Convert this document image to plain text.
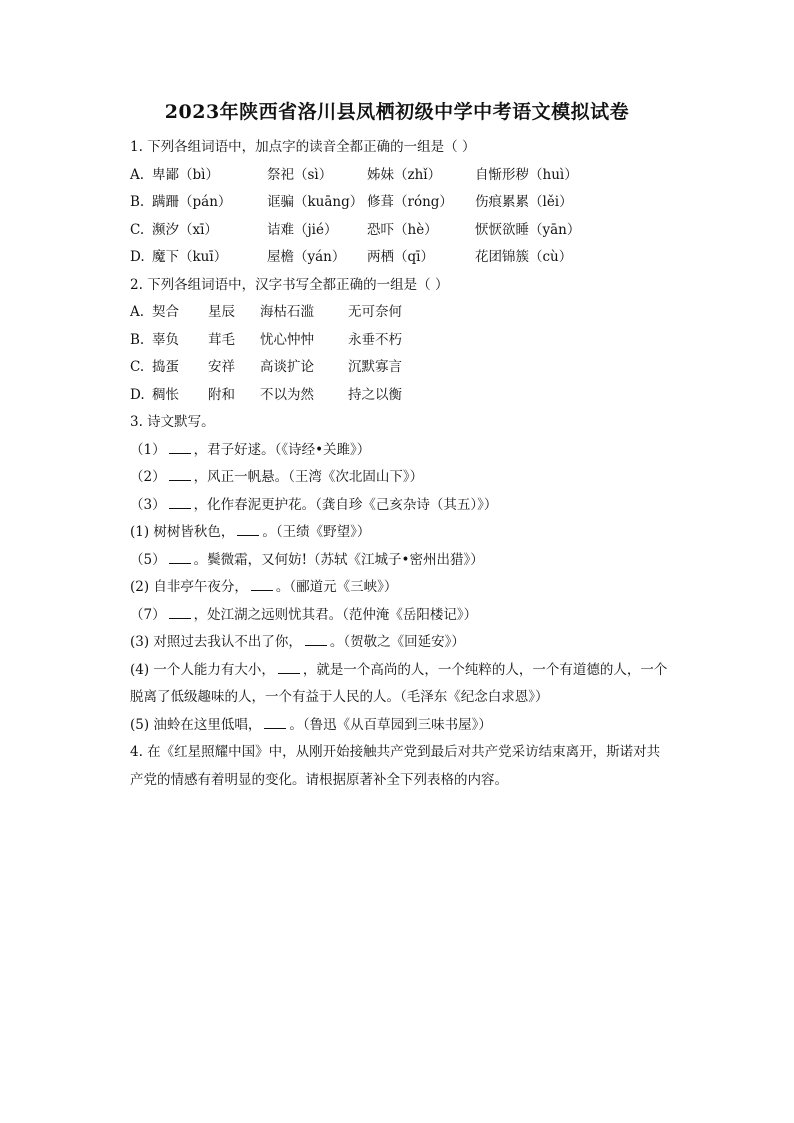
2023年陕西省洛川县凤栖初级中学中考语文模拟试卷
1. 下列各组词语中，加点字的读音全都正确的一组是（ ）
A. 卑鄙（bì）	祭祀（sì）	姊妹（zhǐ）	自惭形秽（huì）
B. 蹒跚（pán）	诓骗（kuāng） 修葺（róng）	伤痕累累（lěi）
C. 濒汐（xī）	诘难（jié）	恐吓（hè）	恹恹欲睡（yān）
D. 魔下（kuī）	屋檐（yán）	两栖（qī）	花团锦簇（cù）
2. 下列各组词语中，汉字书写全都正确的一组是（ ）
A. 契合	星辰	海枯石滥	无可奈何
B. 辜负	茸毛	忧心忡忡	永垂不朽
C. 捣蛋	安祥	高谈扩论	沉默寡言
D. 稠怅	附和	不以为然	持之以衡
3. 诗文默写。
（1） ，君子好逑。（《诗经•关雎》）
（2） ，风正一帆悬。（王湾《次北固山下》）
（3） ，化作春泥更护花。（龚自珍《己亥杂诗（其五）》）
(1) 树树皆秋色， 。（王绩《野望》）
（5） 。鬓微霜，又何妨!（苏轼《江城子•密州出猎》）
(2) 自非亭午夜分， 。（郦道元《三峡》）
（7） ，处江湖之远则忧其君。（范仲淹《岳阳楼记》）
(3) 对照过去我认不出了你， 。（贺敬之《回延安》）
(4) 一个人能力有大小， ，就是一个高尚的人，一个纯粹的人，一个有道德的人，一个
脱离了低级趣味的人，一个有益于人民的人。（毛泽东《纪念白求恩》）
(5) 油蛉在这里低唱， 。（鲁迅《从百草园到三味书屋》）
4. 在《红星照耀中国》中，从刚开始接触共产党到最后对共产党采访结束离开，斯诺对共
产党的情感有着明显的变化。请根据原著补全下列表格的内容。
